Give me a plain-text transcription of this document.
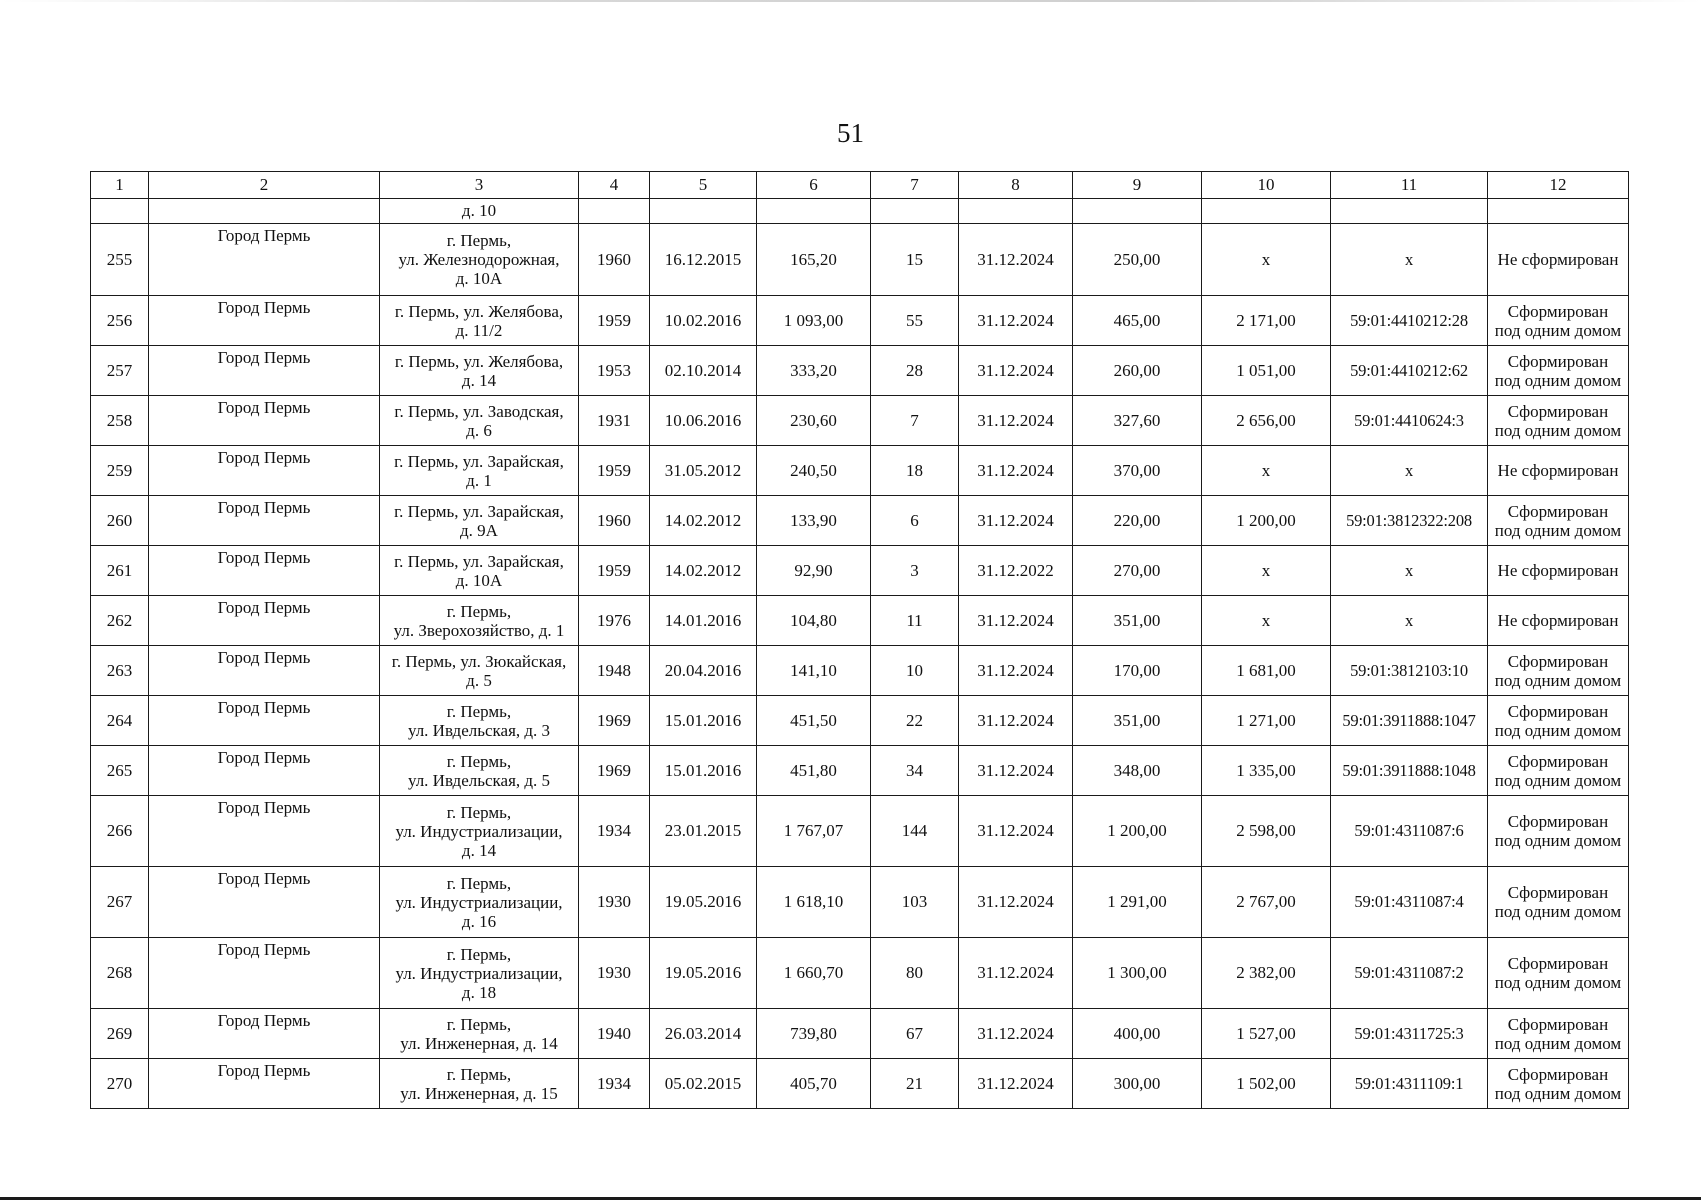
51
1	2	3	4	5	6	7	8	9	10	11	12
		д. 10									
255	Город Пермь	г. Пермь,
ул. Железнодорожная,
д. 10А	1960	16.12.2015	165,20	15	31.12.2024	250,00	х	х	Не сформирован
256	Город Пермь	г. Пермь, ул. Желябова,
д. 11/2	1959	10.02.2016	1 093,00	55	31.12.2024	465,00	2 171,00	59:01:4410212:28	Сформирован
под одним домом
257	Город Пермь	г. Пермь, ул. Желябова,
д. 14	1953	02.10.2014	333,20	28	31.12.2024	260,00	1 051,00	59:01:4410212:62	Сформирован
под одним домом
258	Город Пермь	г. Пермь, ул. Заводская,
д. 6	1931	10.06.2016	230,60	7	31.12.2024	327,60	2 656,00	59:01:4410624:3	Сформирован
под одним домом
259	Город Пермь	г. Пермь, ул. Зарайская,
д. 1	1959	31.05.2012	240,50	18	31.12.2024	370,00	х	х	Не сформирован
260	Город Пермь	г. Пермь, ул. Зарайская,
д. 9А	1960	14.02.2012	133,90	6	31.12.2024	220,00	1 200,00	59:01:3812322:208	Сформирован
под одним домом
261	Город Пермь	г. Пермь, ул. Зарайская,
д. 10А	1959	14.02.2012	92,90	3	31.12.2022	270,00	х	х	Не сформирован
262	Город Пермь	г. Пермь,
ул. Зверохозяйство, д. 1	1976	14.01.2016	104,80	11	31.12.2024	351,00	х	х	Не сформирован
263	Город Пермь	г. Пермь, ул. Зюкайская,
д. 5	1948	20.04.2016	141,10	10	31.12.2024	170,00	1 681,00	59:01:3812103:10	Сформирован
под одним домом
264	Город Пермь	г. Пермь,
ул. Ивдельская, д. 3	1969	15.01.2016	451,50	22	31.12.2024	351,00	1 271,00	59:01:3911888:1047	Сформирован
под одним домом
265	Город Пермь	г. Пермь,
ул. Ивдельская, д. 5	1969	15.01.2016	451,80	34	31.12.2024	348,00	1 335,00	59:01:3911888:1048	Сформирован
под одним домом
266	Город Пермь	г. Пермь,
ул. Индустриализации,
д. 14	1934	23.01.2015	1 767,07	144	31.12.2024	1 200,00	2 598,00	59:01:4311087:6	Сформирован
под одним домом
267	Город Пермь	г. Пермь,
ул. Индустриализации,
д. 16	1930	19.05.2016	1 618,10	103	31.12.2024	1 291,00	2 767,00	59:01:4311087:4	Сформирован
под одним домом
268	Город Пермь	г. Пермь,
ул. Индустриализации,
д. 18	1930	19.05.2016	1 660,70	80	31.12.2024	1 300,00	2 382,00	59:01:4311087:2	Сформирован
под одним домом
269	Город Пермь	г. Пермь,
ул. Инженерная, д. 14	1940	26.03.2014	739,80	67	31.12.2024	400,00	1 527,00	59:01:4311725:3	Сформирован
под одним домом
270	Город Пермь	г. Пермь,
ул. Инженерная, д. 15	1934	05.02.2015	405,70	21	31.12.2024	300,00	1 502,00	59:01:4311109:1	Сформирован
под одним домом
